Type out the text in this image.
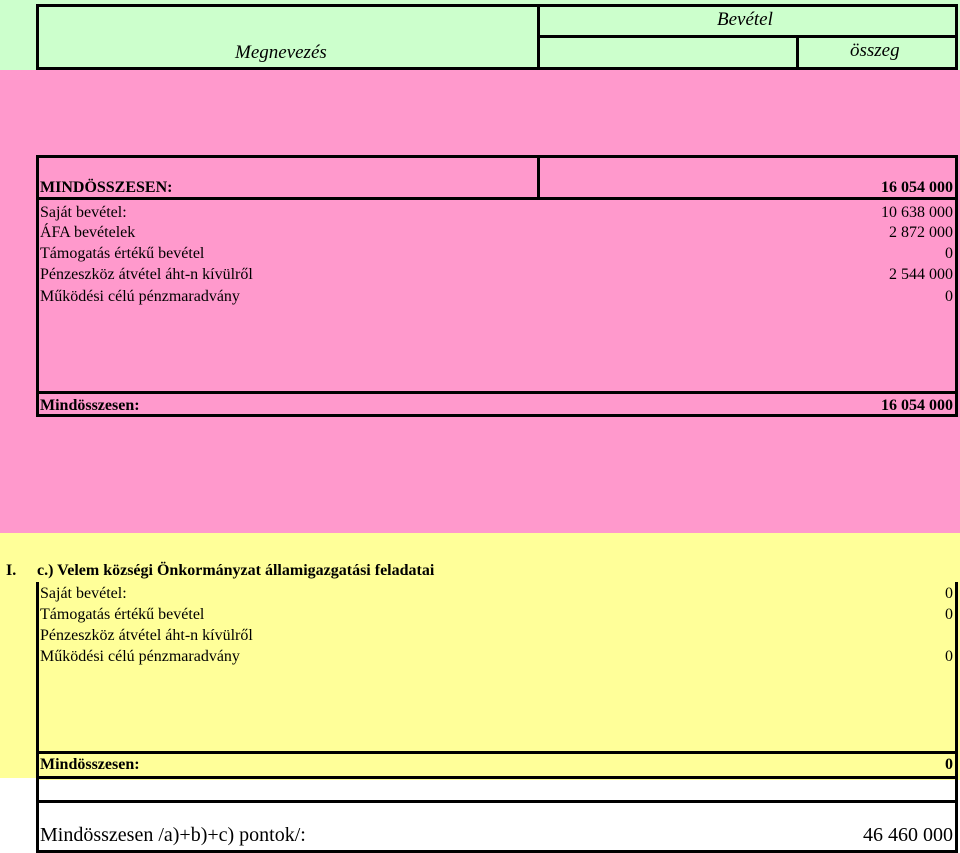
Megnevezés
Bevétel
összeg
MINDÖSSZESEN:	16 054 000
Saját bevétel:	10 638 000
ÁFA bevételek	2 872 000
Támogatás értékű bevétel	0
Pénzeszköz átvétel áht-n kívülről	2 544 000
Működési célú pénzmaradvány	0
Mindösszesen:	16 054 000
I. c.) Velem községi Önkormányzat államigazgatási feladatai
Saját bevétel:	0
Támogatás értékű bevétel	0
Pénzeszköz átvétel áht-n kívülről
Működési célú pénzmaradvány	0
Mindösszesen:	0
Mindösszesen /a)+b)+c) pontok/:	46 460 000
